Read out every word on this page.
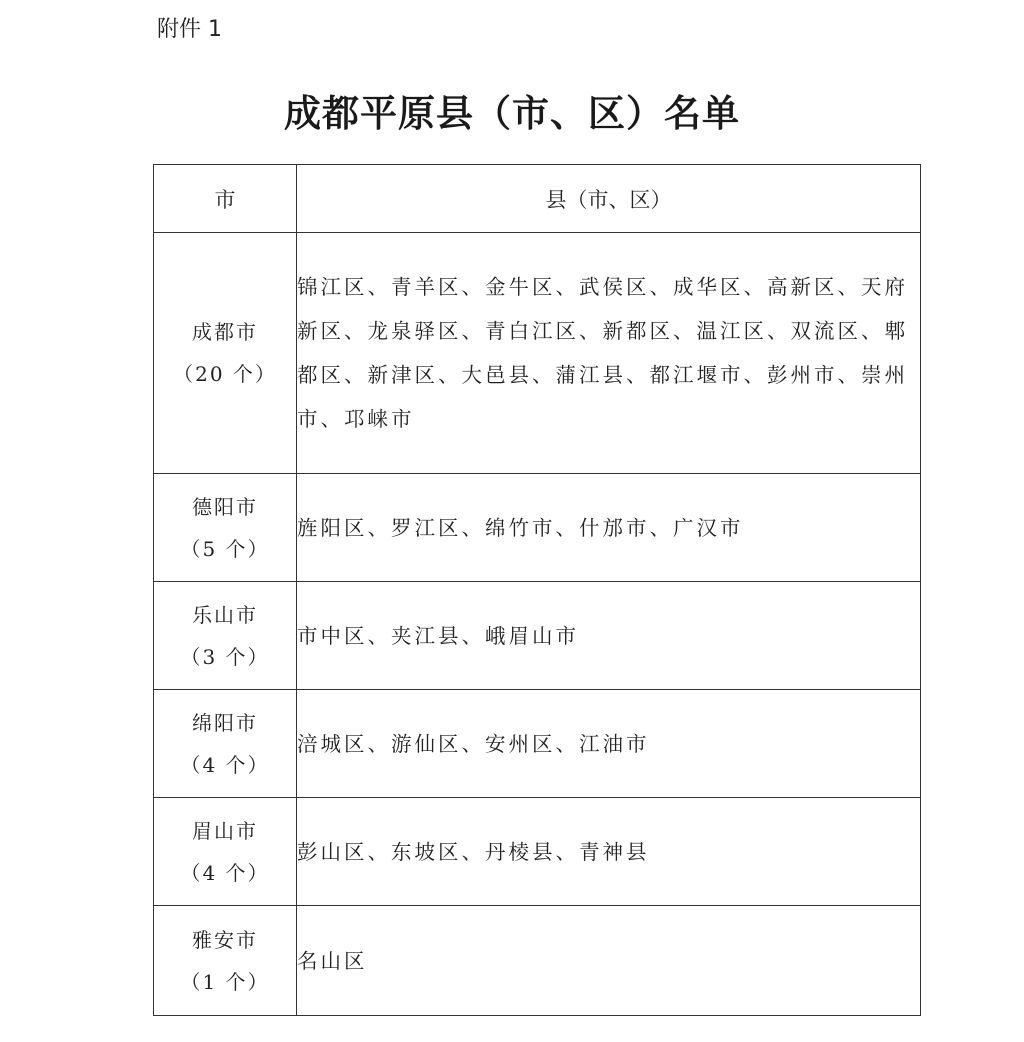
附件 1
成都平原县（市、区）名单
市	县（市、区）

成都市
（20 个）	锦江区、青羊区、金牛区、武侯区、成华区、高新区、天府新区、龙泉驿区、青白江区、新都区、温江区、双流区、郫都区、新津区、大邑县、蒲江县、都江堰市、彭州市、崇州市、邛崃市

德阳市
（5 个）	旌阳区、罗江区、绵竹市、什邡市、广汉市

乐山市
（3 个）	市中区、夹江县、峨眉山市

绵阳市
（4 个）	涪城区、游仙区、安州区、江油市

眉山市
（4 个）	彭山区、东坡区、丹棱县、青神县

雅安市
（1 个）	名山区
